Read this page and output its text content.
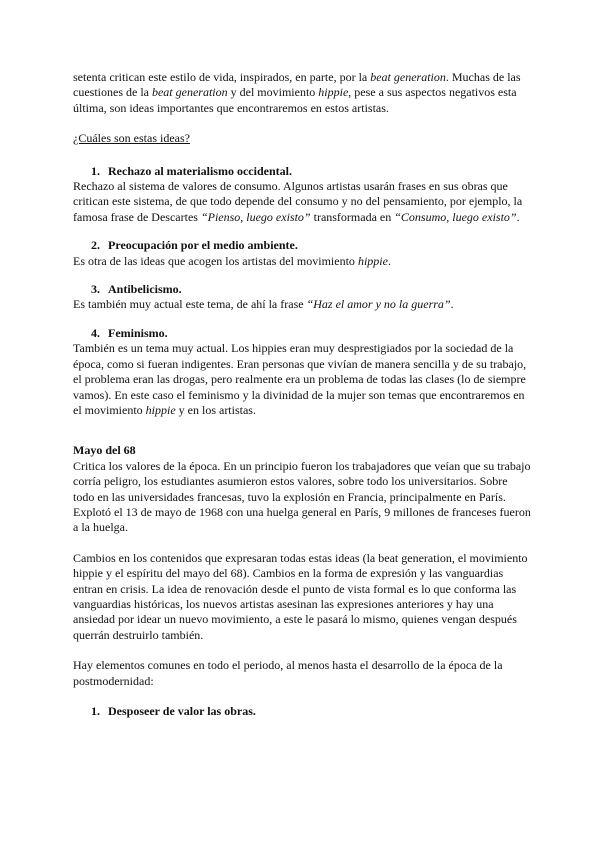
setenta critican este estilo de vida, inspirados, en parte, por la beat generation. Muchas de las cuestiones de la beat generation y del movimiento hippie, pese a sus aspectos negativos esta última, son ideas importantes que encontraremos en estos artistas.

¿Cuáles son estas ideas?

1. Rechazo al materialismo occidental.

Rechazo al sistema de valores de consumo. Algunos artistas usarán frases en sus obras que critican este sistema, de que todo depende del consumo y no del pensamiento, por ejemplo, la famosa frase de Descartes “Pienso, luego existo” transformada en “Consumo, luego existo”.

2. Preocupación por el medio ambiente.

Es otra de las ideas que acogen los artistas del movimiento hippie.

3. Antibelicismo.

Es también muy actual este tema, de ahí la frase “Haz el amor y no la guerra”.

4. Feminismo.

También es un tema muy actual. Los hippies eran muy desprestigiados por la sociedad de la época, como si fueran indigentes. Eran personas que vivían de manera sencilla y de su trabajo, el problema eran las drogas, pero realmente era un problema de todas las clases (lo de siempre vamos). En este caso el feminismo y la divinidad de la mujer son temas que encontraremos en el movimiento hippie y en los artistas.

Mayo del 68

Critica los valores de la época. En un principio fueron los trabajadores que veían que su trabajo corría peligro, los estudiantes asumieron estos valores, sobre todo los universitarios. Sobre todo en las universidades francesas, tuvo la explosión en Francia, principalmente en París. Explotó el 13 de mayo de 1968 con una huelga general en París, 9 millones de franceses fueron a la huelga.

Cambios en los contenidos que expresaran todas estas ideas (la beat generation, el movimiento hippie y el espíritu del mayo del 68). Cambios en la forma de expresión y las vanguardias entran en crisis. La idea de renovación desde el punto de vista formal es lo que conforma las vanguardias históricas, los nuevos artistas asesinan las expresiones anteriores y hay una ansiedad por idear un nuevo movimiento, a este le pasará lo mismo, quienes vengan después querrán destruirlo también.

Hay elementos comunes en todo el periodo, al menos hasta el desarrollo de la época de la postmodernidad:

1. Desposeer de valor las obras.
